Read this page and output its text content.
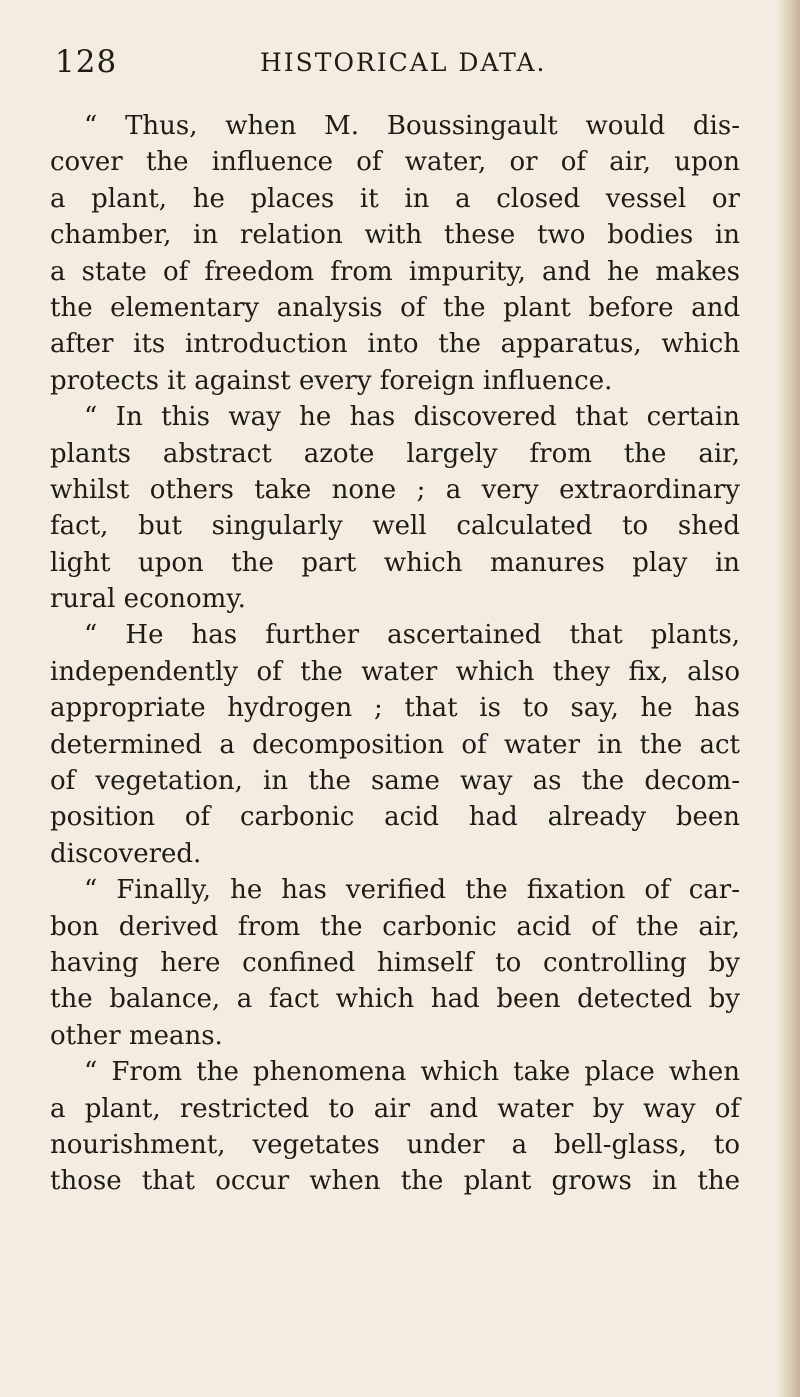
128	HISTORICAL DATA.
“ Thus, when M. Boussingault would dis-
cover the influence of water, or of air, upon
a plant, he places it in a closed vessel or
chamber, in relation with these two bodies in
a state of freedom from impurity, and he makes
the elementary analysis of the plant before and
after its introduction into the apparatus, which
protects it against every foreign influence.
“ In this way he has discovered that certain
plants abstract azote largely from the air,
whilst others take none ; a very extraordinary
fact, but singularly well calculated to shed
light upon the part which manures play in
rural economy.
“ He has further ascertained that plants,
independently of the water which they fix, also
appropriate hydrogen ; that is to say, he has
determined a decomposition of water in the act
of vegetation, in the same way as the decom-
position of carbonic acid had already been
discovered.
“ Finally, he has verified the fixation of car-
bon derived from the carbonic acid of the air,
having here confined himself to controlling by
the balance, a fact which had been detected by
other means.
“ From the phenomena which take place when
a plant, restricted to air and water by way of
nourishment, vegetates under a bell-glass, to
those that occur when the plant grows in the
